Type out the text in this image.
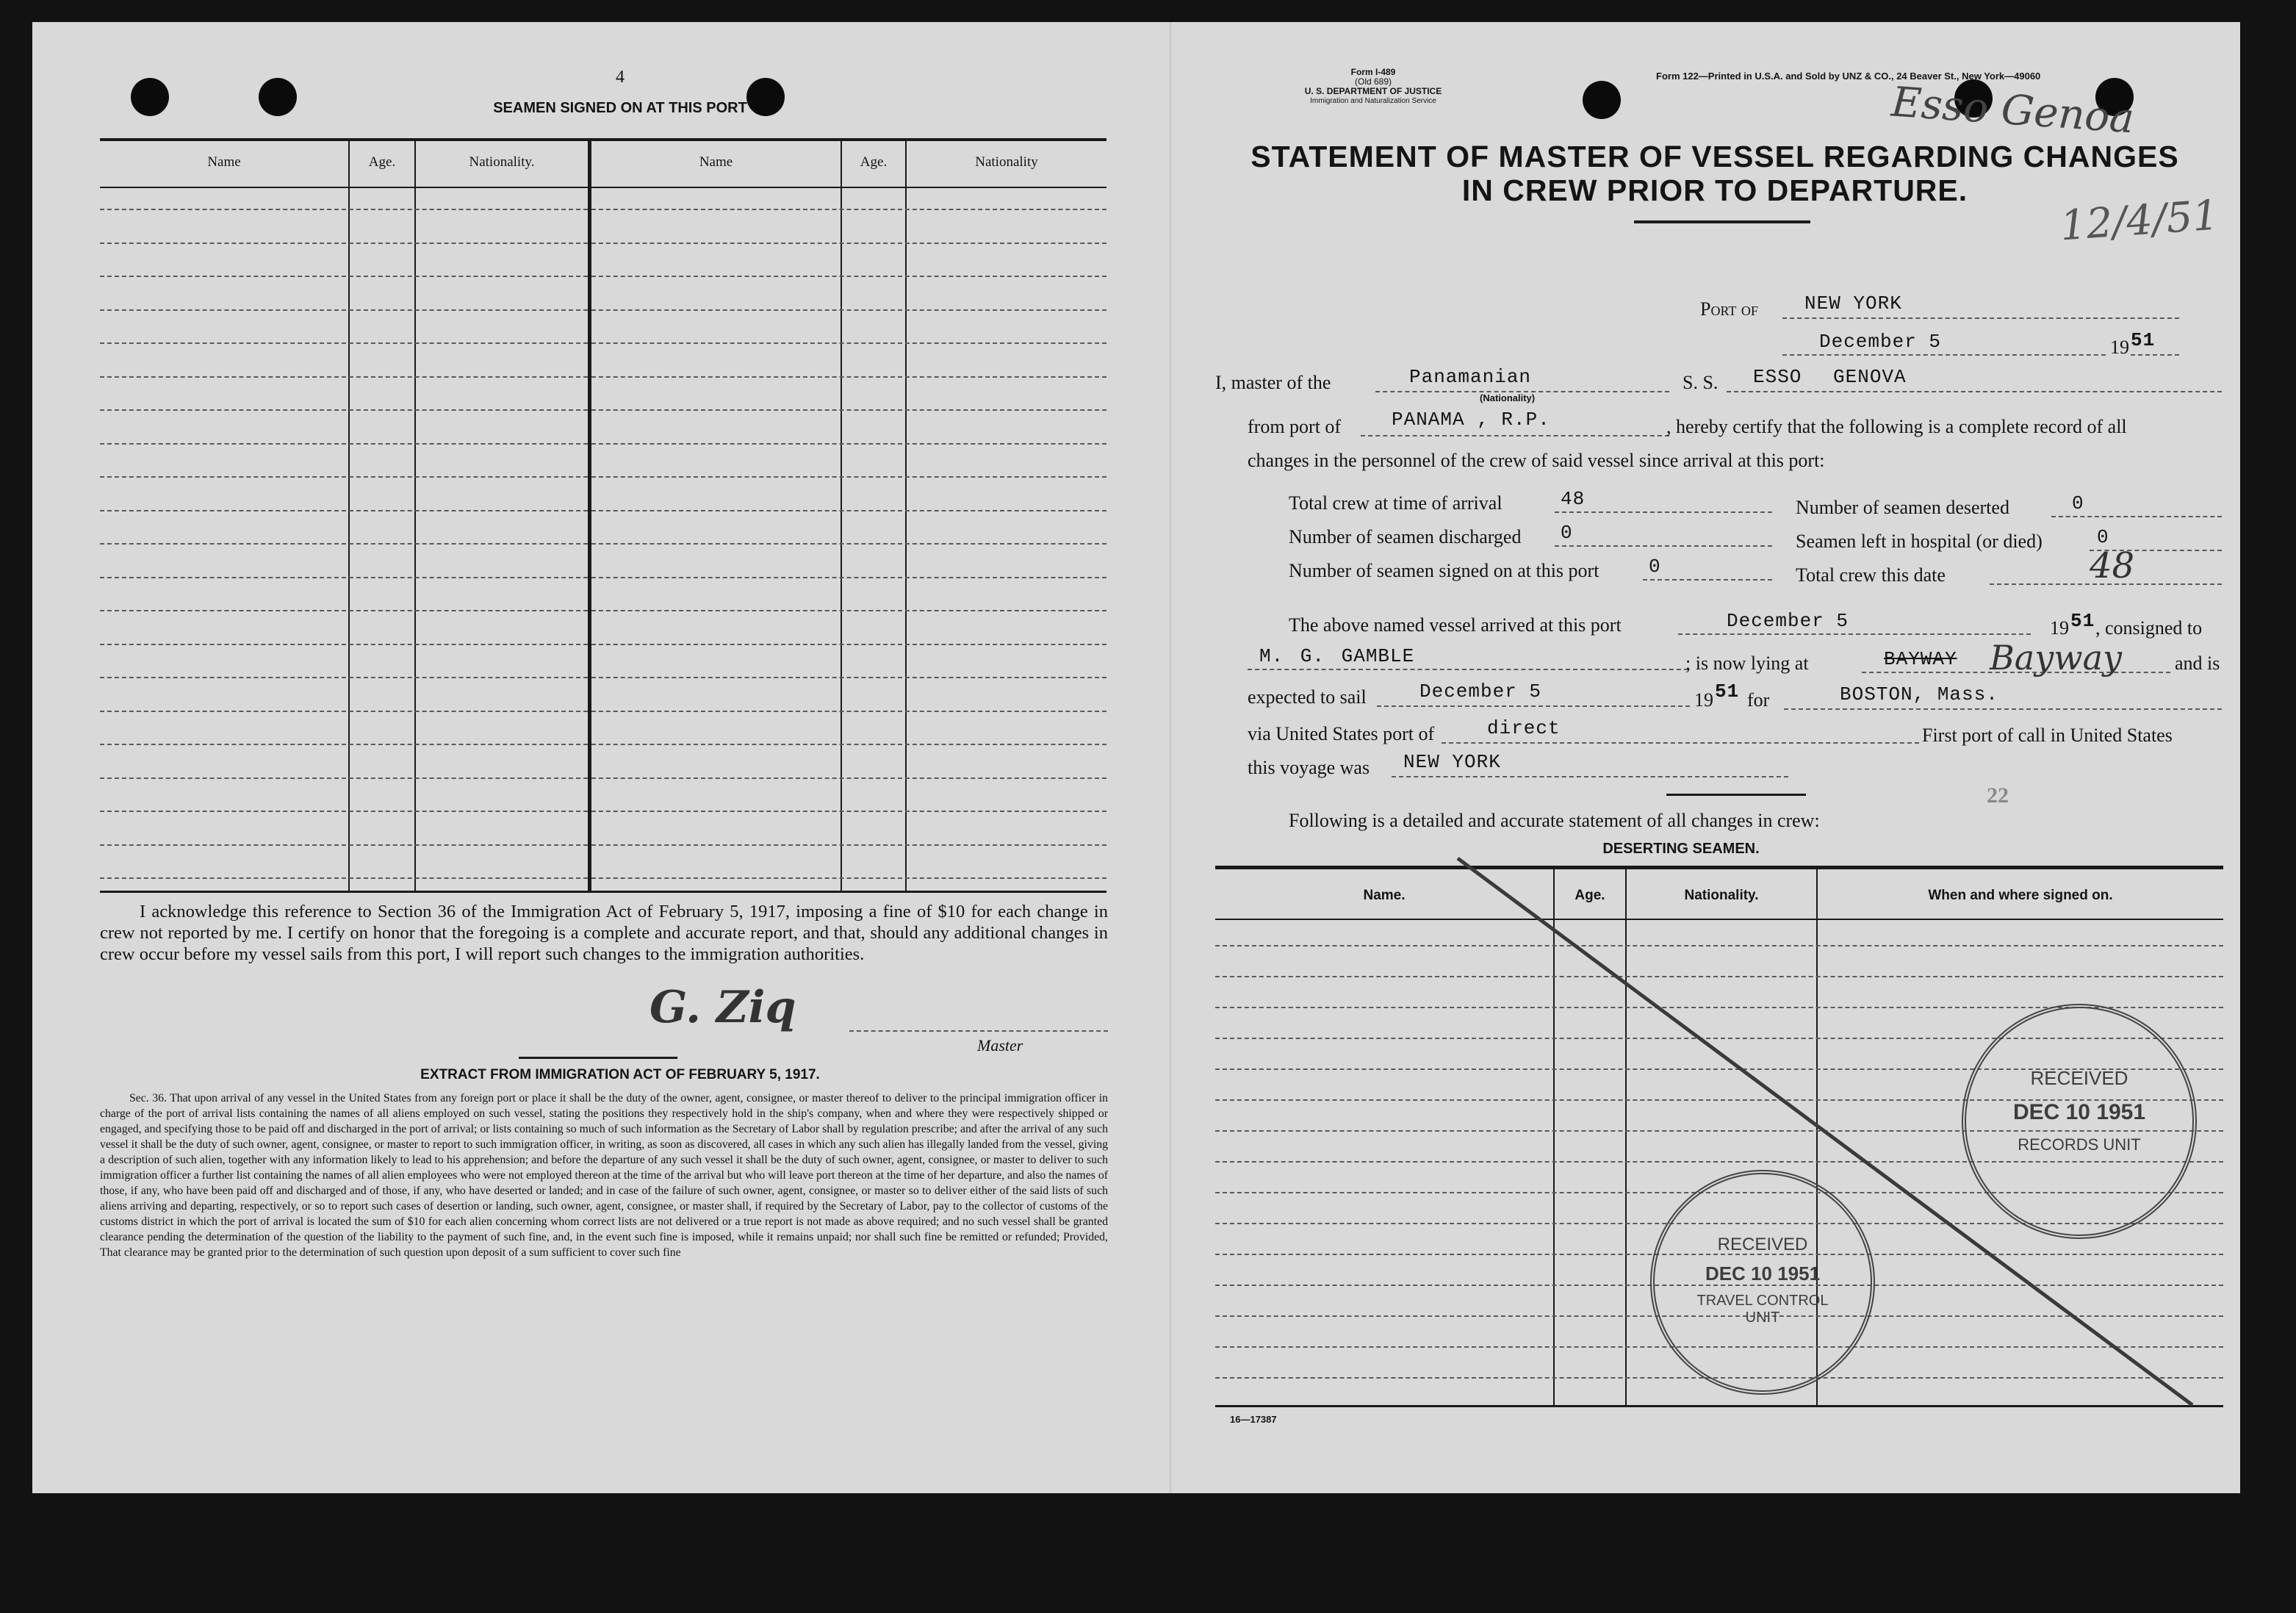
4
SEAMEN SIGNED ON AT THIS PORT
Name	Age.	Nationality.	Name	Age.	Nationality
I acknowledge this reference to Section 36 of the Immigration Act of February 5, 1917, imposing a fine of $10 for each change in crew not reported by me. I certify on honor that the foregoing is a complete and accurate report, and that, should any additional changes in crew occur before my vessel sails from this port, I will report such changes to the immigration authorities.
G. Ziq
Master
EXTRACT FROM IMMIGRATION ACT OF FEBRUARY 5, 1917.
Sec. 36. That upon arrival of any vessel in the United States from any foreign port or place it shall be the duty of the owner, agent, consignee, or master thereof to deliver to the principal immigration officer in charge of the port of arrival lists containing the names of all aliens employed on such vessel, stating the positions they respectively hold in the ship's company, when and where they were respectively shipped or engaged, and specifying those to be paid off and discharged in the port of arrival; or lists containing so much of such information as the Secretary of Labor shall by regulation prescribe; and after the arrival of any such vessel it shall be the duty of such owner, agent, consignee, or master to report to such immigration officer, in writing, as soon as discovered, all cases in which any such alien has illegally landed from the vessel, giving a description of such alien, together with any information likely to lead to his apprehension; and before the departure of any such vessel it shall be the duty of such owner, agent, consignee, or master to deliver to such immigration officer a further list containing the names of all alien employees who were not employed thereon at the time of the arrival but who will leave port thereon at the time of her departure, and also the names of those, if any, who have been paid off and discharged and of those, if any, who have deserted or landed; and in case of the failure of such owner, agent, consignee, or master so to deliver either of the said lists of such aliens arriving and departing, respectively, or so to report such cases of desertion or landing, such owner, agent, consignee, or master shall, if required by the Secretary of Labor, pay to the collector of customs of the customs district in which the port of arrival is located the sum of $10 for each alien concerning whom correct lists are not delivered or a true report is not made as above required; and no such vessel shall be granted clearance pending the determination of the question of the liability to the payment of such fine, and, in the event such fine is imposed, while it remains unpaid; nor shall such fine be remitted or refunded; Provided, That clearance may be granted prior to the determination of such question upon deposit of a sum sufficient to cover such fine
Form I-489
(Old 689)
U. S. DEPARTMENT OF JUSTICE
Immigration and Naturalization Service
Form 122—Printed in U.S.A. and Sold by UNZ & CO., 24 Beaver St., New York—49060
Esso Genoa
12/4/51
STATEMENT OF MASTER OF VESSEL REGARDING CHANGES
IN CREW PRIOR TO DEPARTURE.
Port of NEW YORK
December 5	19 51
I, master of the	Panamanian
(Nationality)
S. S. ESSO GENOVA
from port of	PANAMA , R.P.	, hereby certify that the following is a complete record of all
changes in the personnel of the crew of said vessel since arrival at this port:
Total crew at time of arrival	48	Number of seamen deserted	0
Number of seamen discharged 0	Seamen left in hospital (or died)	0
Number of seamen signed on at this port	0	Total crew this date	48
The above named vessel arrived at this port	December 5	19 51 , consigned to
M. G. GAMBLE	; is now lying at	BAYWAY Bayway	and is
expected to sail	December 5	19 51 for	BOSTON, Mass.
via United States port of	direct	First port of call in United States
this voyage was NEW YORK
22
Following is a detailed and accurate statement of all changes in crew:
DESERTING SEAMEN.
Name.	Age.	Nationality.	When and where signed on.
16—17387
RECEIVED
DEC 10 1951
RECORDS UNIT
RECEIVED
DEC 10 1951
TRAVEL CONTROL UNIT
